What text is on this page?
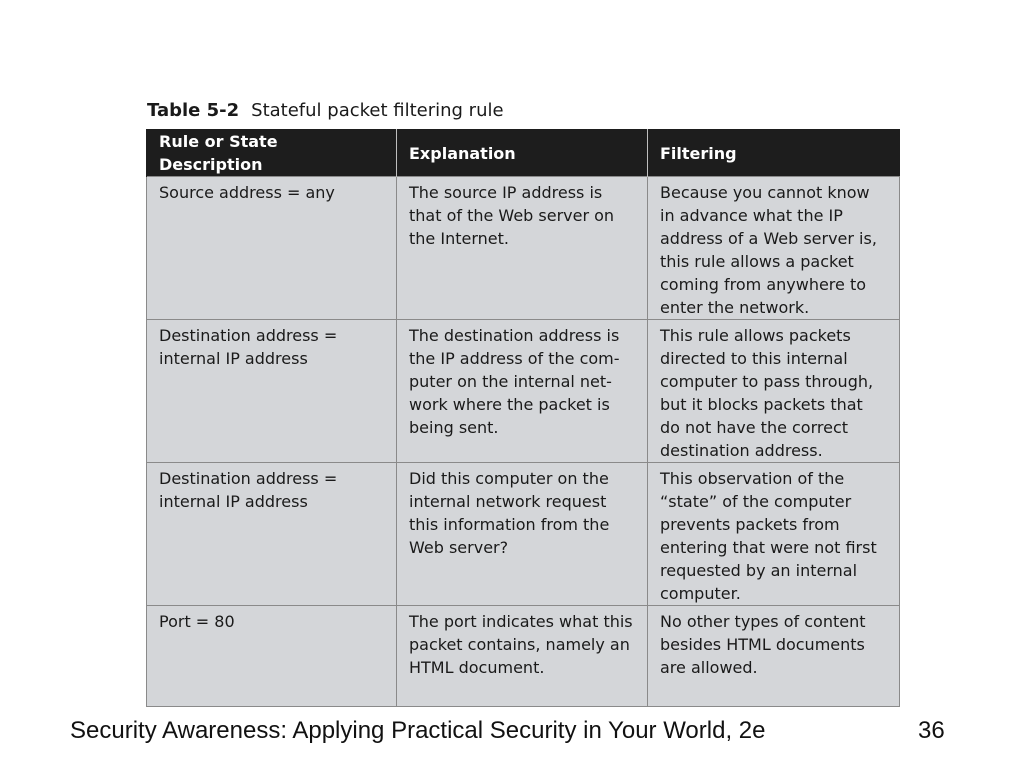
Table 5-2 Stateful packet filtering rule
Rule or State Description	Explanation	Filtering
Source address = any	The source IP address is that of the Web server on the Internet.	Because you cannot know in advance what the IP address of a Web server is, this rule allows a packet coming from anywhere to enter the network.
Destination address = internal IP address	The destination address is the IP address of the com-puter on the internal net-work where the packet is being sent.	This rule allows packets directed to this internal computer to pass through, but it blocks packets that do not have the correct destination address.
Destination address = internal IP address	Did this computer on the internal network request this information from the Web server?	This observation of the “state” of the computer prevents packets from entering that were not first requested by an internal computer.
Port = 80	The port indicates what this packet contains, namely an HTML document.	No other types of content besides HTML documents are allowed.
Security Awareness: Applying Practical Security in Your World, 2e	36
